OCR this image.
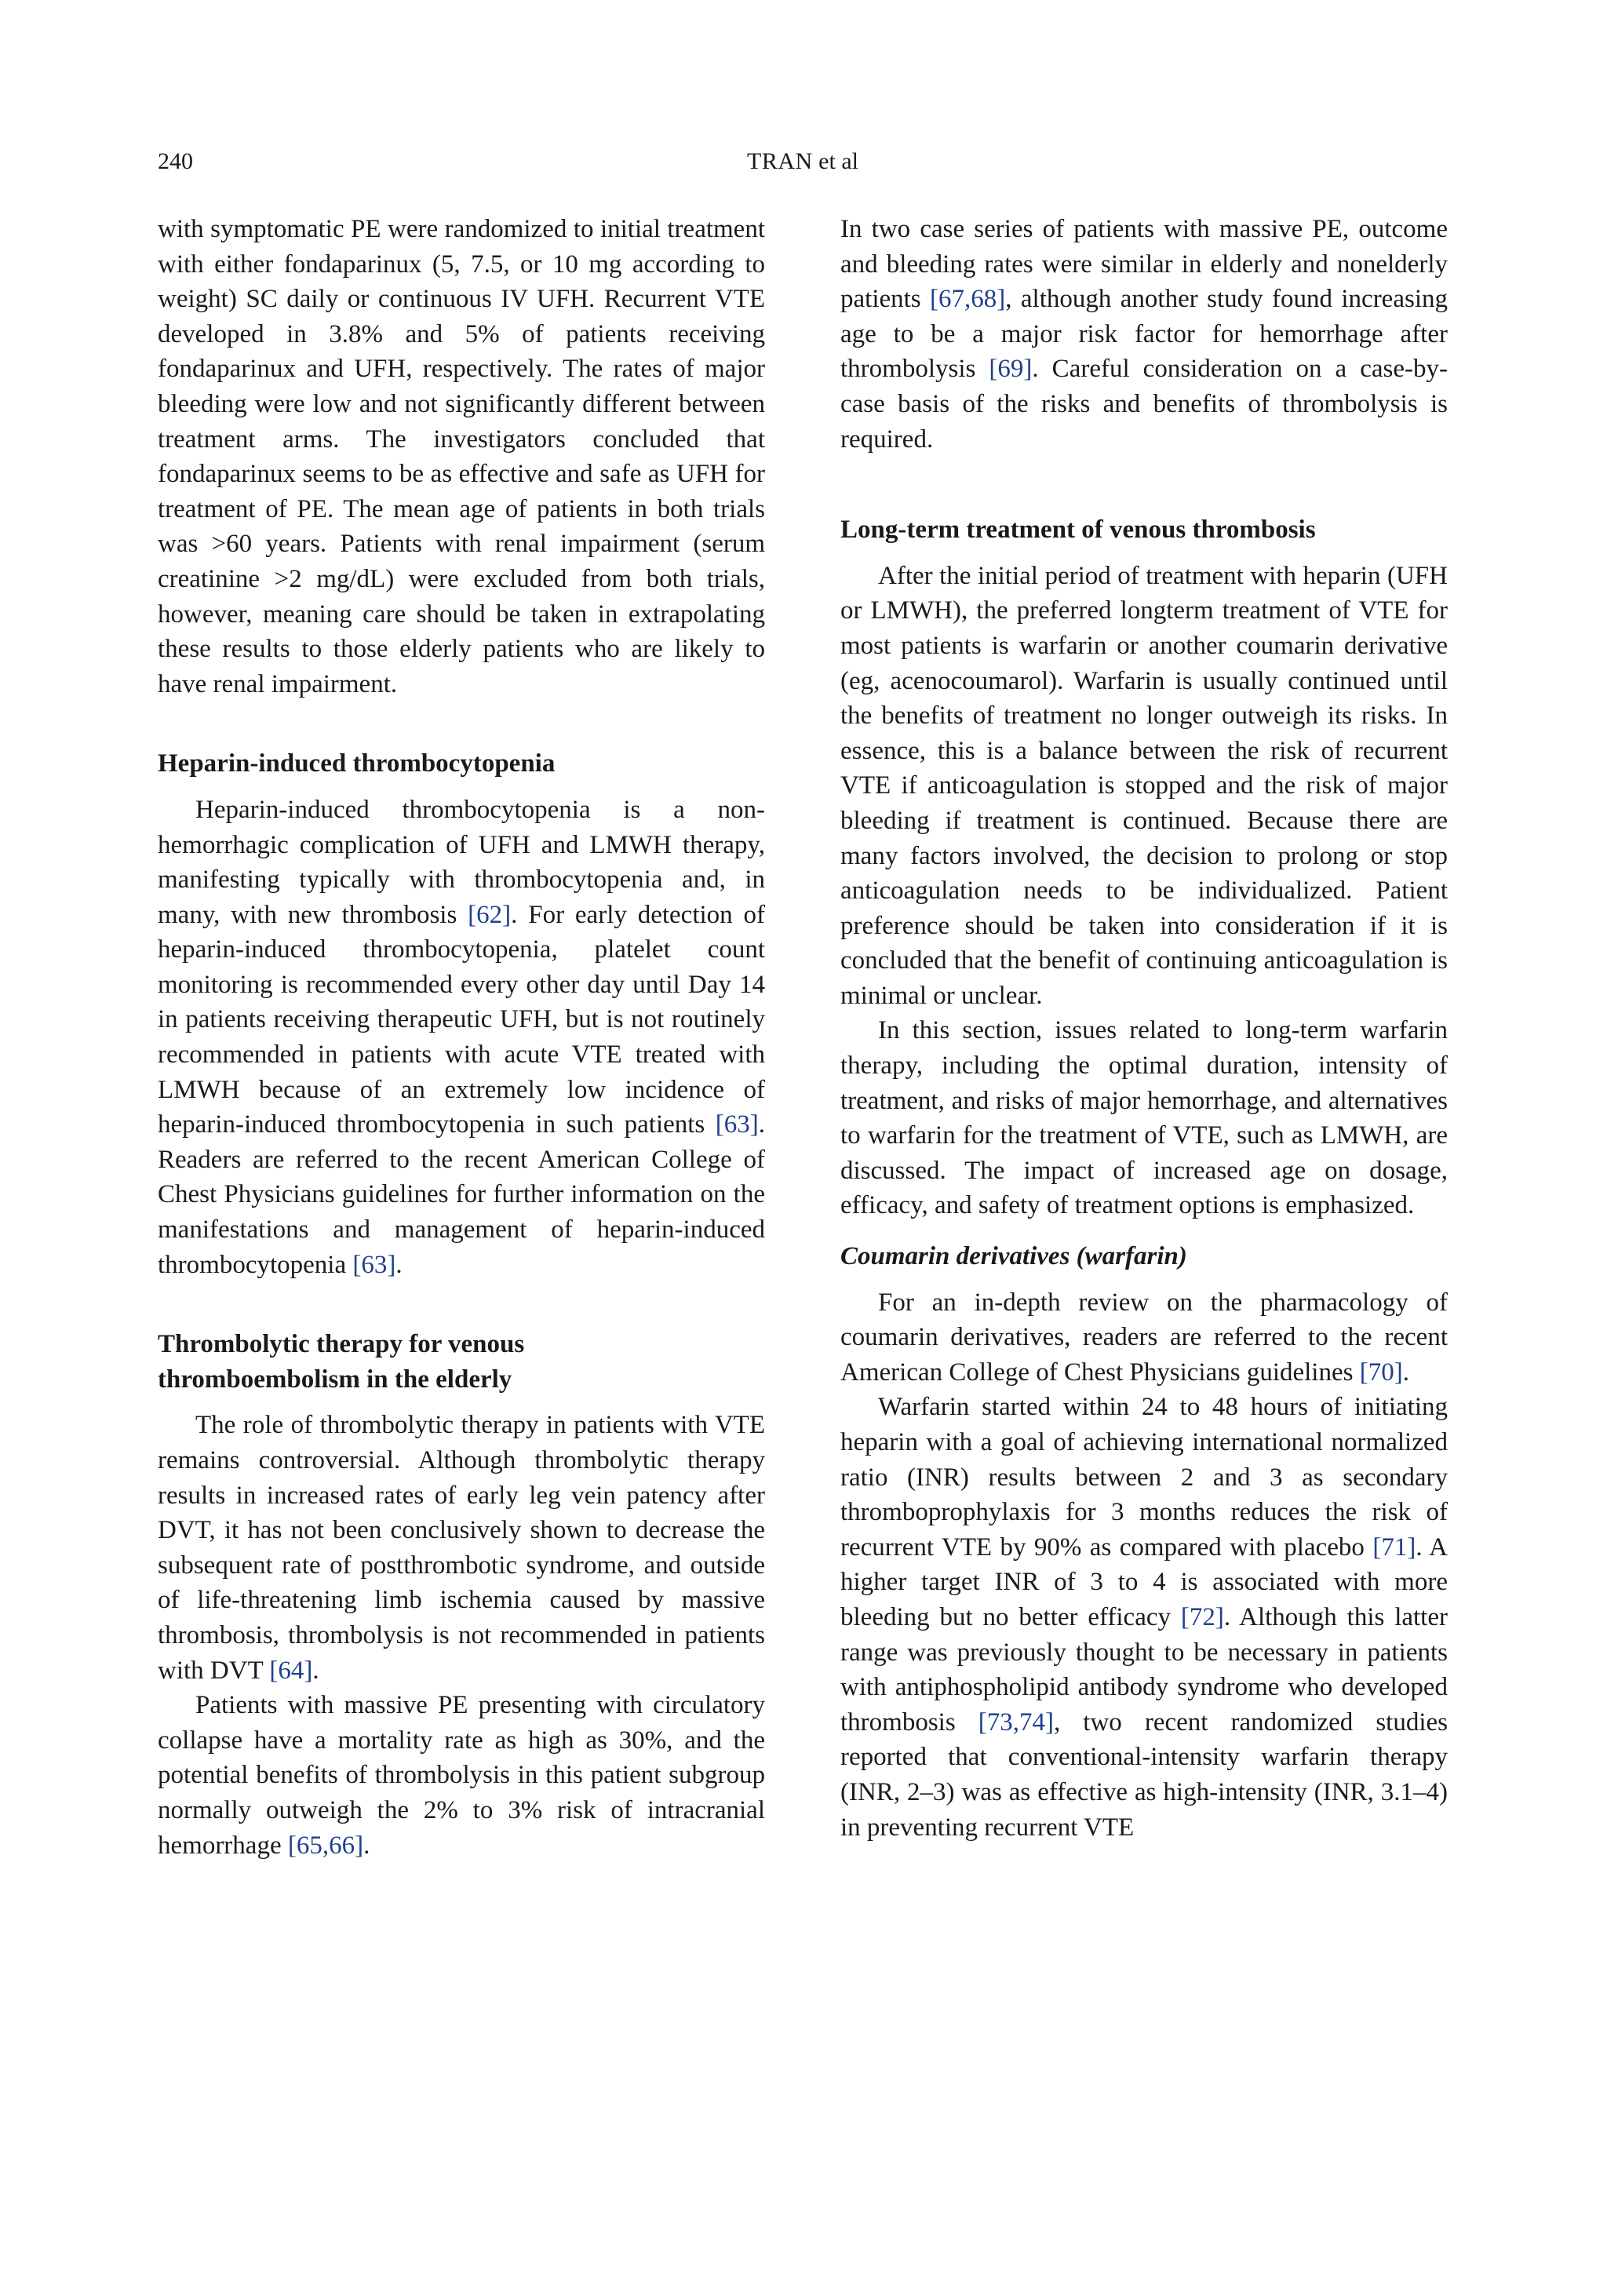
240	TRAN et al

with symptomatic PE were randomized to initial treatment with either fondaparinux (5, 7.5, or 10 mg according to weight) SC daily or continuous IV UFH. Recurrent VTE developed in 3.8% and 5% of patients receiving fondaparinux and UFH, respectively. The rates of major bleeding were low and not significantly different between treatment arms. The investigators concluded that fondaparinux seems to be as effective and safe as UFH for treatment of PE. The mean age of patients in both trials was >60 years. Patients with renal impairment (serum creatinine >2 mg/dL) were excluded from both trials, however, meaning care should be taken in extrapolating these results to those elderly patients who are likely to have renal impairment.

Heparin-induced thrombocytopenia

Heparin-induced thrombocytopenia is a nonhemorrhagic complication of UFH and LMWH therapy, manifesting typically with thrombocytopenia and, in many, with new thrombosis [62]. For early detection of heparin-induced thrombocytopenia, platelet count monitoring is recommended every other day until Day 14 in patients receiving therapeutic UFH, but is not routinely recommended in patients with acute VTE treated with LMWH because of an extremely low incidence of heparin-induced thrombocytopenia in such patients [63]. Readers are referred to the recent American College of Chest Physicians guidelines for further information on the manifestations and management of heparin-induced thrombocytopenia [63].

Thrombolytic therapy for venous
thromboembolism in the elderly

The role of thrombolytic therapy in patients with VTE remains controversial. Although thrombolytic therapy results in increased rates of early leg vein patency after DVT, it has not been conclusively shown to decrease the subsequent rate of postthrombotic syndrome, and outside of life-threatening limb ischemia caused by massive thrombosis, thrombolysis is not recommended in patients with DVT [64].

Patients with massive PE presenting with circulatory collapse have a mortality rate as high as 30%, and the potential benefits of thrombolysis in this patient subgroup normally outweigh the 2% to 3% risk of intracranial hemorrhage [65,66].

In two case series of patients with massive PE, outcome and bleeding rates were similar in elderly and nonelderly patients [67,68], although another study found increasing age to be a major risk factor for hemorrhage after thrombolysis [69]. Careful consideration on a case-by-case basis of the risks and benefits of thrombolysis is required.

Long-term treatment of venous thrombosis

After the initial period of treatment with heparin (UFH or LMWH), the preferred longterm treatment of VTE for most patients is warfarin or another coumarin derivative (eg, acenocoumarol). Warfarin is usually continued until the benefits of treatment no longer outweigh its risks. In essence, this is a balance between the risk of recurrent VTE if anticoagulation is stopped and the risk of major bleeding if treatment is continued. Because there are many factors involved, the decision to prolong or stop anticoagulation needs to be individualized. Patient preference should be taken into consideration if it is concluded that the benefit of continuing anticoagulation is minimal or unclear.

In this section, issues related to long-term warfarin therapy, including the optimal duration, intensity of treatment, and risks of major hemorrhage, and alternatives to warfarin for the treatment of VTE, such as LMWH, are discussed. The impact of increased age on dosage, efficacy, and safety of treatment options is emphasized.

Coumarin derivatives (warfarin)

For an in-depth review on the pharmacology of coumarin derivatives, readers are referred to the recent American College of Chest Physicians guidelines [70].

Warfarin started within 24 to 48 hours of initiating heparin with a goal of achieving international normalized ratio (INR) results between 2 and 3 as secondary thromboprophylaxis for 3 months reduces the risk of recurrent VTE by 90% as compared with placebo [71]. A higher target INR of 3 to 4 is associated with more bleeding but no better efficacy [72]. Although this latter range was previously thought to be necessary in patients with antiphospholipid antibody syndrome who developed thrombosis [73,74], two recent randomized studies reported that conventional-intensity warfarin therapy (INR, 2–3) was as effective as high-intensity (INR, 3.1–4) in preventing recurrent VTE
